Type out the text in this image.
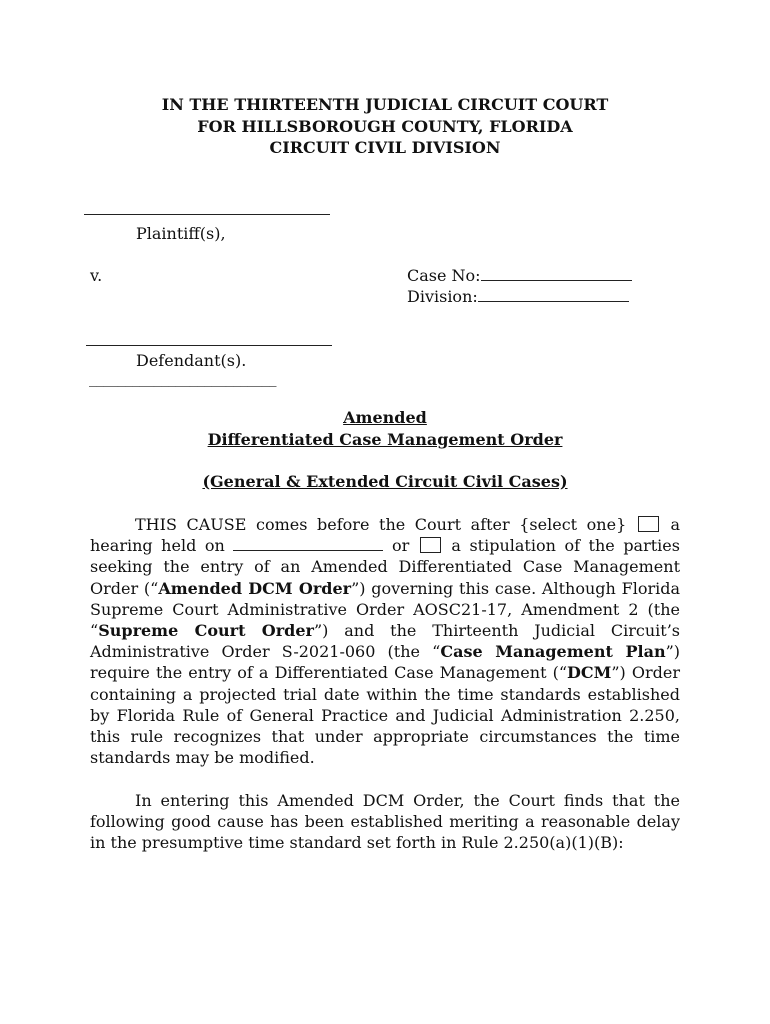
IN THE THIRTEENTH JUDICIAL CIRCUIT COURT
FOR HILLSBOROUGH COUNTY, FLORIDA
CIRCUIT CIVIL DIVISION
Plaintiff(s),
v.	Case No:
Division:
Defendant(s).
__________________________
Amended
Differentiated Case Management Order
(General & Extended Circuit Civil Cases)

THIS CAUSE comes before the Court after {select one}	a hearing held on	or	a stipulation of the parties seeking the entry of an Amended Differentiated Case Management Order (“Amended DCM Order”) governing this case. Although Florida Supreme Court Administrative Order AOSC21-17, Amendment 2 (the “Supreme Court Order”) and the Thirteenth Judicial Circuit’s Administrative Order S-2021-060 (the “Case Management Plan”) require the entry of a Differentiated Case Management (“DCM”) Order containing a projected trial date within the time standards established by Florida Rule of General Practice and Judicial Administration 2.250, this rule recognizes that under appropriate circumstances the time standards may be modified.

In entering this Amended DCM Order, the Court finds that the following good cause has been established meriting a reasonable delay in the presumptive time standard set forth in Rule 2.250(a)(1)(B):
